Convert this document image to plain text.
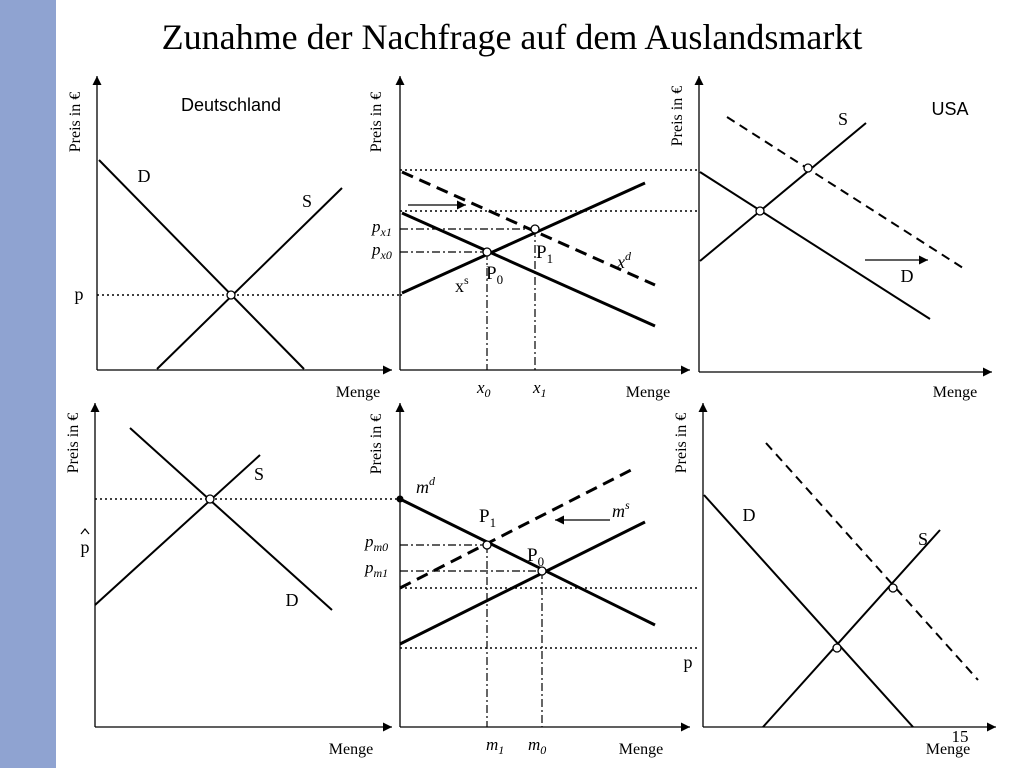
Zunahme der Nachfrage auf dem Auslandsmarkt
Preis in €
Menge
Deutschland
D
S
p
Preis in €
Menge
$p_{x1}$
$p_{x0}$	$P_1$
$P_0$
$x^s$
$x^d$
$x_0$ $x_1$
Preis in €
Menge
USA
S
D
Preis in €
Menge
S
D
p
Preis in €
Menge
$m^d$
$m^s$
$P_1$
$P_0$
$p_{m0}$
$p_{m1}$
$m_1$ $m_0$
Preis in €
Menge
D
S
p
15
